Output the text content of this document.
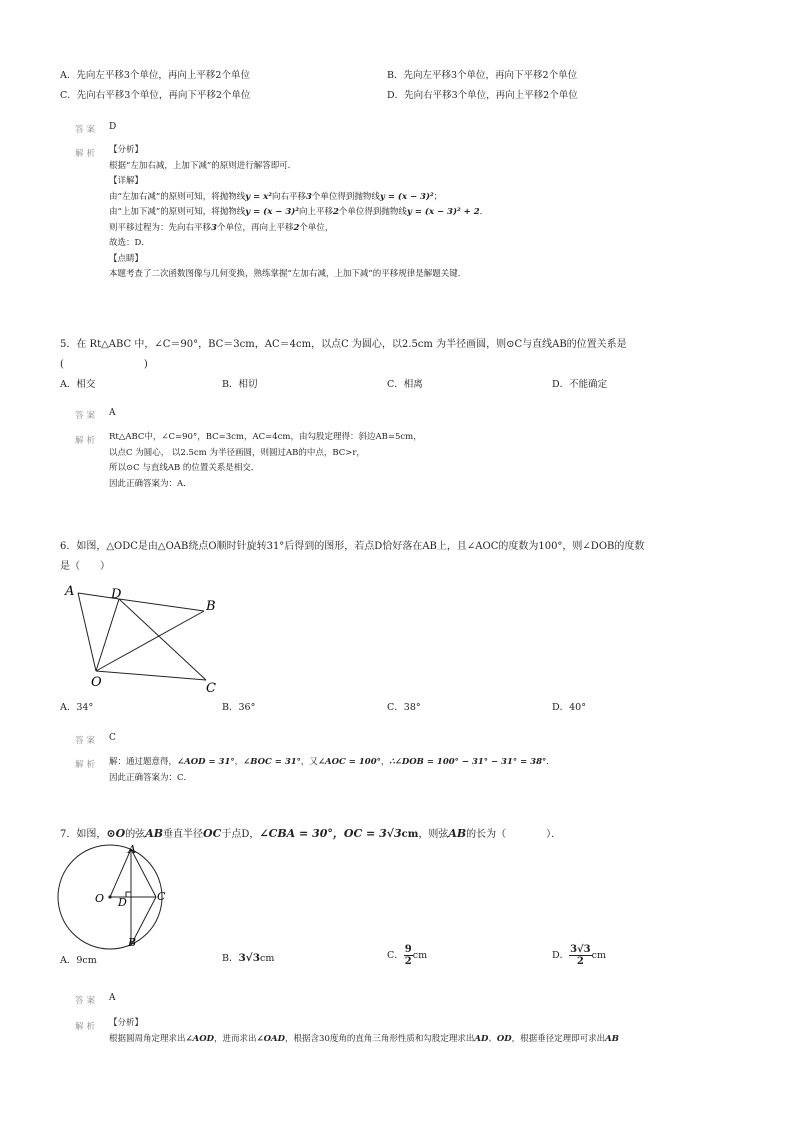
A．先向左平移3个单位，再向上平移2个单位	B．先向左平移3个单位，再向下平移2个单位
C．先向右平移3个单位，再向下平移2个单位	D．先向右平移3个单位，再向上平移2个单位
答案 D
解析 【分析】
根据“左加右减，上加下减”的原则进行解答即可．
【详解】
由“左加右减”的原则可知，将抛物线y = x²向右平移3个单位得到抛物线y = (x − 3)²；
由“上加下减”的原则可知，将抛物线y = (x − 3)²向上平移2个单位得到抛物线y = (x − 3)² + 2．
则平移过程为：先向右平移3个单位，再向上平移2个单位，
故选：D．
【点睛】
本题考查了二次函数图像与几何变换，熟练掌握“左加右减，上加下减”的平移规律是解题关键．
5．在 Rt△ABC 中，∠C＝90°，BC＝3cm，AC＝4cm，以点C 为圆心，以2.5cm 为半径画圆，则⊙C与直线AB的位置关系是
(　　　　　　　　)
A．相交	B．相切	C．相离	D．不能确定
答案 A
解析 Rt△ABC中，∠C=90°，BC=3cm，AC=4cm，由勾股定理得：斜边AB=5cm，
以点C 为圆心， 以2.5cm 为半径画圆，则圆过AB的中点，BC>r，
所以⊙C 与直线AB 的位置关系是相交．
因此正确答案为：A．
6．如图，△ODC是由△OAB绕点O顺时针旋转31°后得到的图形，若点D恰好落在AB上，且∠AOC的度数为100°，则∠DOB的度数
是（　　）
A	D
B
O	C
A．34°	B．36°	C．38°	D．40°
答案 C
解析 解：通过题意得，∠AOD = 31°，∠BOC = 31°，又∠AOC = 100°，∴∠DOB = 100° − 31° − 31° = 38°．
因此正确答案为：C．
7．如图，⊙O的弦AB垂直半径OC于点D，∠CBA = 30°，OC = 3√3cm，则弦AB的长为（　　　　）．
A
O D	C
B
A．9cm	B．3√3cm	C． $\frac{9}{2}$ cm	D． $\frac{3√3}{2}$ cm
答案 A
解析 【分析】
根据圆周角定理求出∠AOD，进而求出∠OAD，根据含30度角的直角三角形性质和勾股定理求出AD、OD，根据垂径定理即可求出AB
